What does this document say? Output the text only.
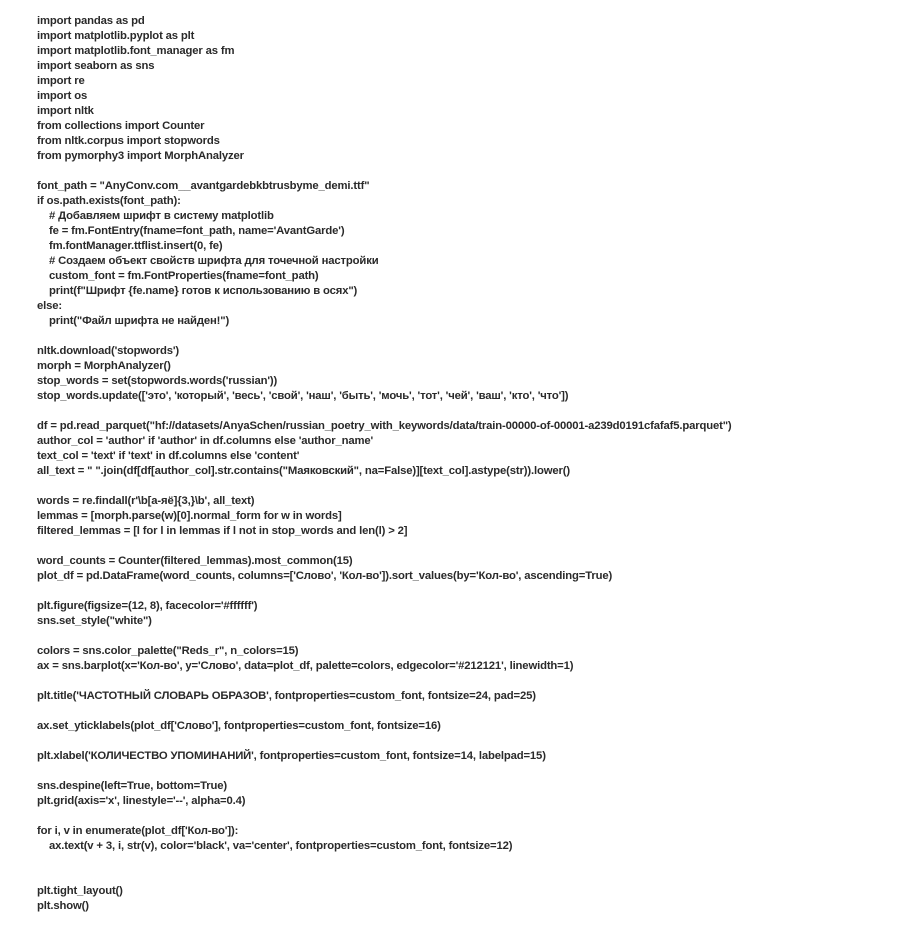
import pandas as pd
import matplotlib.pyplot as plt
import matplotlib.font_manager as fm
import seaborn as sns
import re
import os
import nltk
from collections import Counter
from nltk.corpus import stopwords
from pymorphy3 import MorphAnalyzer
font_path = "AnyConv.com__avantgardebkbtrusbyme_demi.ttf"
if os.path.exists(font_path):
# Добавляем шрифт в систему matplotlib
fe = fm.FontEntry(fname=font_path, name='AvantGarde')
fm.fontManager.ttflist.insert(0, fe)
# Создаем объект свойств шрифта для точечной настройки
custom_font = fm.FontProperties(fname=font_path)
print(f"Шрифт {fe.name} готов к использованию в осях")
else:
print("Файл шрифта не найден!")
nltk.download('stopwords')
morph = MorphAnalyzer()
stop_words = set(stopwords.words('russian'))
stop_words.update(['это', 'который', 'весь', 'свой', 'наш', 'быть', 'мочь', 'тот', 'чей', 'ваш', 'кто', 'что'])
df = pd.read_parquet("hf://datasets/AnyaSchen/russian_poetry_with_keywords/data/train-00000-of-00001-a239d0191cfafaf5.parquet")
author_col = 'author' if 'author' in df.columns else 'author_name'
text_col = 'text' if 'text' in df.columns else 'content'
all_text = " ".join(df[df[author_col].str.contains("Маяковский", na=False)][text_col].astype(str)).lower()
words = re.findall(r'\b[а-яё]{3,}\b', all_text)
lemmas = [morph.parse(w)[0].normal_form for w in words]
filtered_lemmas = [l for l in lemmas if l not in stop_words and len(l) > 2]
word_counts = Counter(filtered_lemmas).most_common(15)
plot_df = pd.DataFrame(word_counts, columns=['Слово', 'Кол-во']).sort_values(by='Кол-во', ascending=True)
plt.figure(figsize=(12, 8), facecolor='#ffffff')
sns.set_style("white")
colors = sns.color_palette("Reds_r", n_colors=15)
ax = sns.barplot(x='Кол-во', y='Слово', data=plot_df, palette=colors, edgecolor='#212121', linewidth=1)
plt.title('ЧАСТОТНЫЙ СЛОВАРЬ ОБРАЗОВ', fontproperties=custom_font, fontsize=24, pad=25)
ax.set_yticklabels(plot_df['Слово'], fontproperties=custom_font, fontsize=16)
plt.xlabel('КОЛИЧЕСТВО УПОМИНАНИЙ', fontproperties=custom_font, fontsize=14, labelpad=15)
sns.despine(left=True, bottom=True)
plt.grid(axis='x', linestyle='--', alpha=0.4)
for i, v in enumerate(plot_df['Кол-во']):
ax.text(v + 3, i, str(v), color='black', va='center', fontproperties=custom_font, fontsize=12)
plt.tight_layout()
plt.show()
